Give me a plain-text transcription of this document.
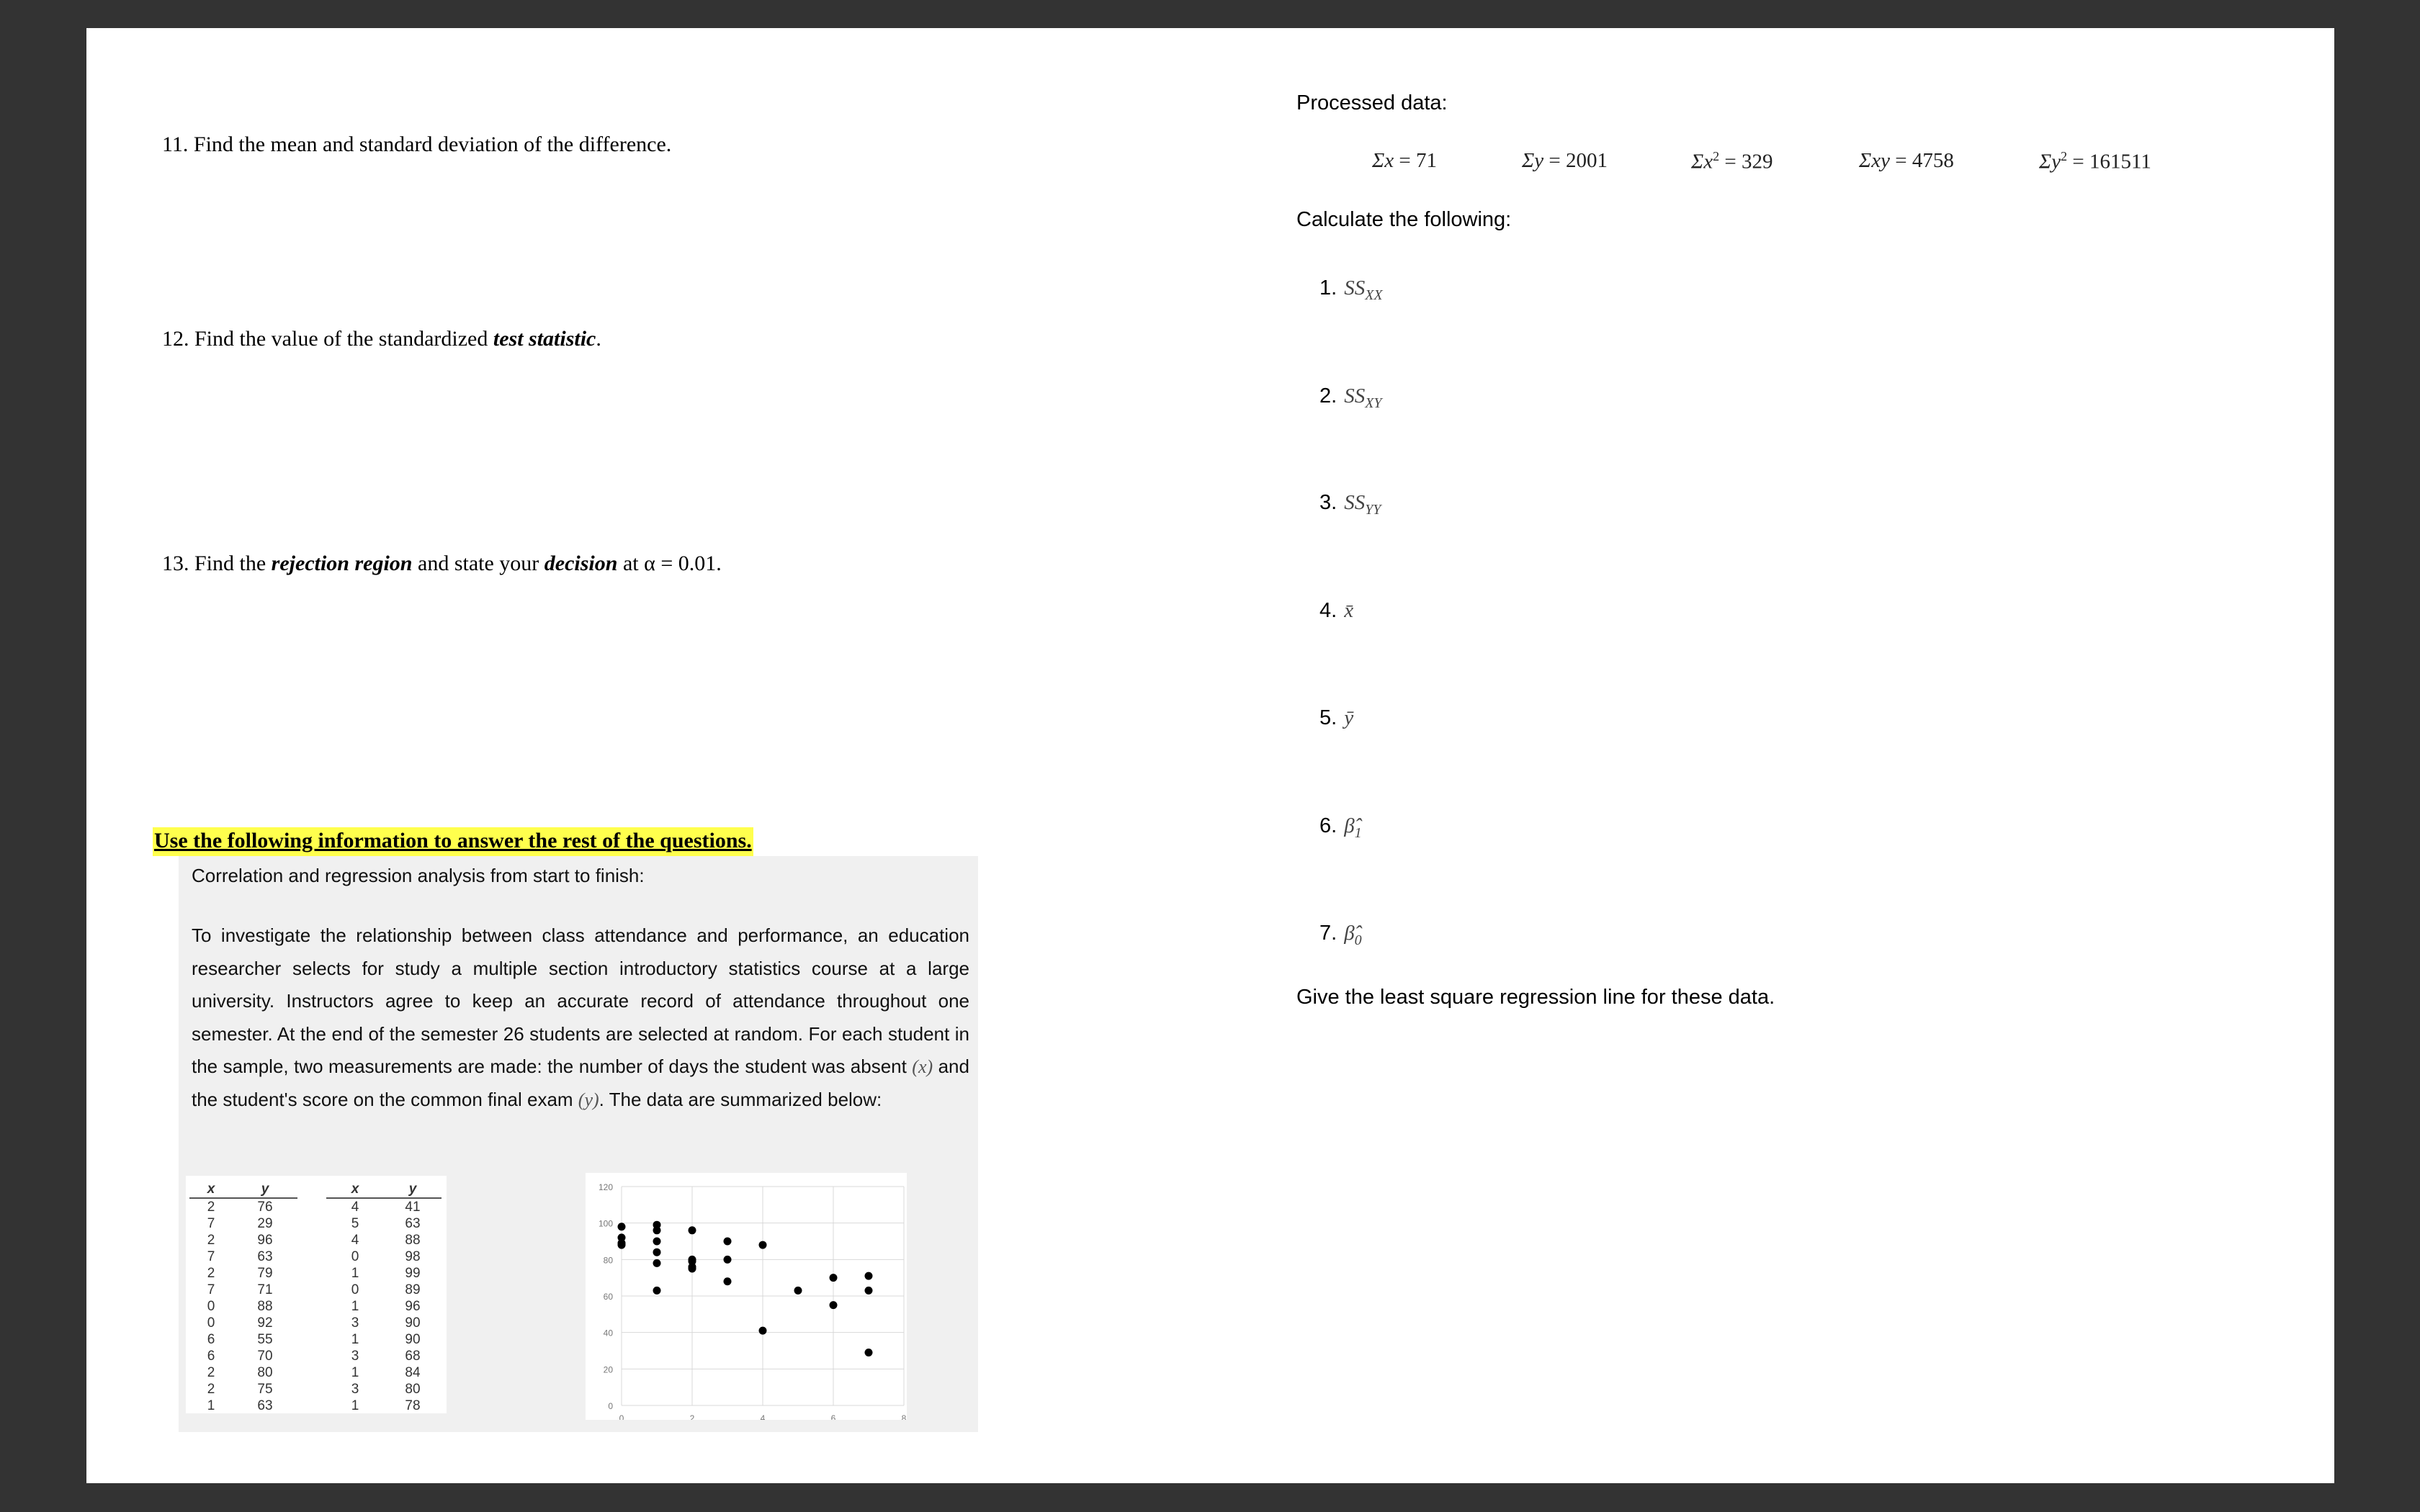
11. Find the mean and standard deviation of the difference.
12. Find the value of the standardized test statistic.
13. Find the rejection region and state your decision at α = 0.01.
Use the following information to answer the rest of the questions.
Correlation and regression analysis from start to finish:
To investigate the relationship between class attendance and performance, an education researcher selects for study a multiple section introductory statistics course at a large university. Instructors agree to keep an accurate record of attendance throughout one semester. At the end of the semester 26 students are selected at random. For each student in the sample, two measurements are made: the number of days the student was absent (x) and the student's score on the common final exam (y). The data are summarized below:
x	y		x	y
2	76		4	41
7	29		5	63
2	96		4	88
7	63		0	98
2	79		1	99
7	71		0	89
0	88		1	96
0	92		3	90
6	55		1	90
6	70		3	68
2	80		1	84
2	75		3	80
1	63		1	78	0
20
40
60
80
100
120
0	2	4	6	8
Processed data:
Σx = 71	Σy = 2001	$\Sigma x^2 = 329$	Σxy = 4758	$\Sigma y^2 = 161511$
Calculate the following:
1. $SS_{XX}$
2. $SS_{XY}$
3. $SS_{YY}$
4. x̄
5. ȳ
6. $\betâ_1$
7. $\betâ_0$
Give the least square regression line for these data.
